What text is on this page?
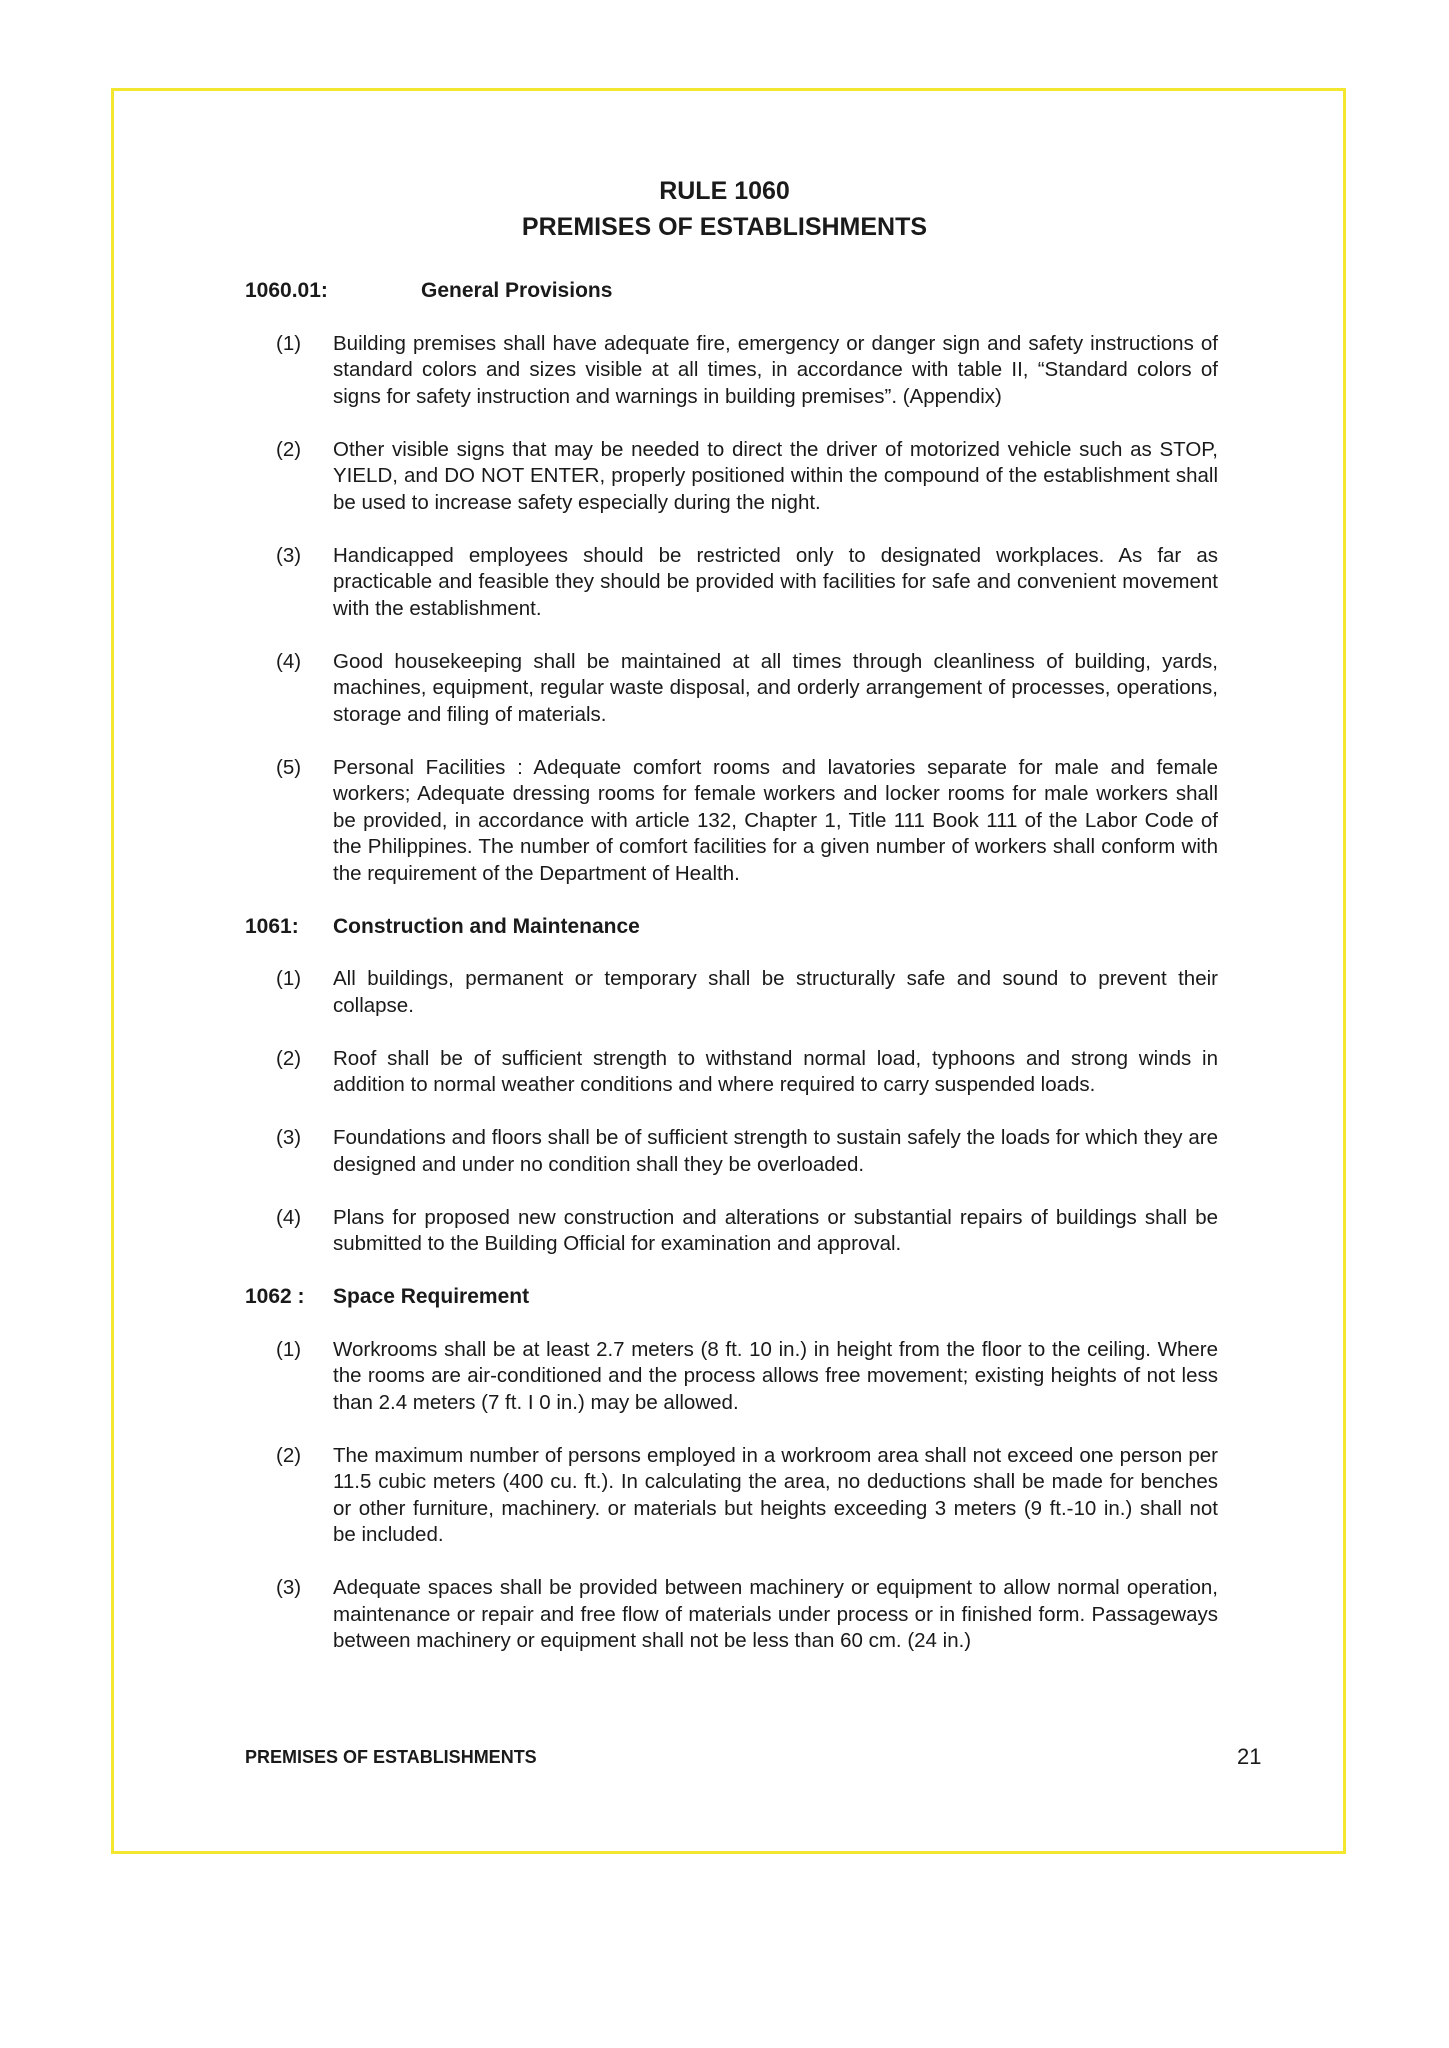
RULE 1060
PREMISES OF ESTABLISHMENTS
1060.01:	General Provisions
(1)	Building premises shall have adequate fire, emergency or danger sign and safety instructions of standard colors and sizes visible at all times, in accordance with table II, “Standard colors of signs for safety instruction and warnings in building premises”. (Appendix)
(2)	Other visible signs that may be needed to direct the driver of motorized vehicle such as STOP, YIELD, and DO NOT ENTER, properly positioned within the compound of the establishment shall be used to increase safety especially during the night.
(3)	Handicapped employees should be restricted only to designated workplaces. As far as practicable and feasible they should be provided with facilities for safe and convenient movement with the establishment.
(4)	Good housekeeping shall be maintained at all times through cleanliness of building, yards, machines, equipment, regular waste disposal, and orderly arrangement of processes, operations, storage and filing of materials.
(5)	Personal Facilities : Adequate comfort rooms and lavatories separate for male and female workers; Adequate dressing rooms for female workers and locker rooms for male workers shall be provided, in accordance with article 132, Chapter 1, Title 111 Book 111 of the Labor Code of the Philippines. The number of comfort facilities for a given number of workers shall conform with the requirement of the Department of Health.
1061:	Construction and Maintenance
(1)	All buildings, permanent or temporary shall be structurally safe and sound to prevent their collapse.
(2)	Roof shall be of sufficient strength to withstand normal load, typhoons and strong winds in addition to normal weather conditions and where required to carry suspended loads.
(3)	Foundations and floors shall be of sufficient strength to sustain safely the loads for which they are designed and under no condition shall they be overloaded.
(4)	Plans for proposed new construction and alterations or substantial repairs of buildings shall be submitted to the Building Official for examination and approval.
1062 :	Space Requirement
(1)	Workrooms shall be at least 2.7 meters (8 ft. 10 in.) in height from the floor to the ceiling. Where the rooms are air-conditioned and the process allows free movement; existing heights of not less than 2.4 meters (7 ft. I 0 in.) may be allowed.
(2)	The maximum number of persons employed in a workroom area shall not exceed one person per 11.5 cubic meters (400 cu. ft.). In calculating the area, no deductions shall be made for benches or other furniture, machinery. or materials but heights exceeding 3 meters (9 ft.-10 in.) shall not be included.
(3)	Adequate spaces shall be provided between machinery or equipment to allow normal operation, maintenance or repair and free flow of materials under process or in finished form. Passageways between machinery or equipment shall not be less than 60 cm. (24 in.)
PREMISES OF ESTABLISHMENTS	21
